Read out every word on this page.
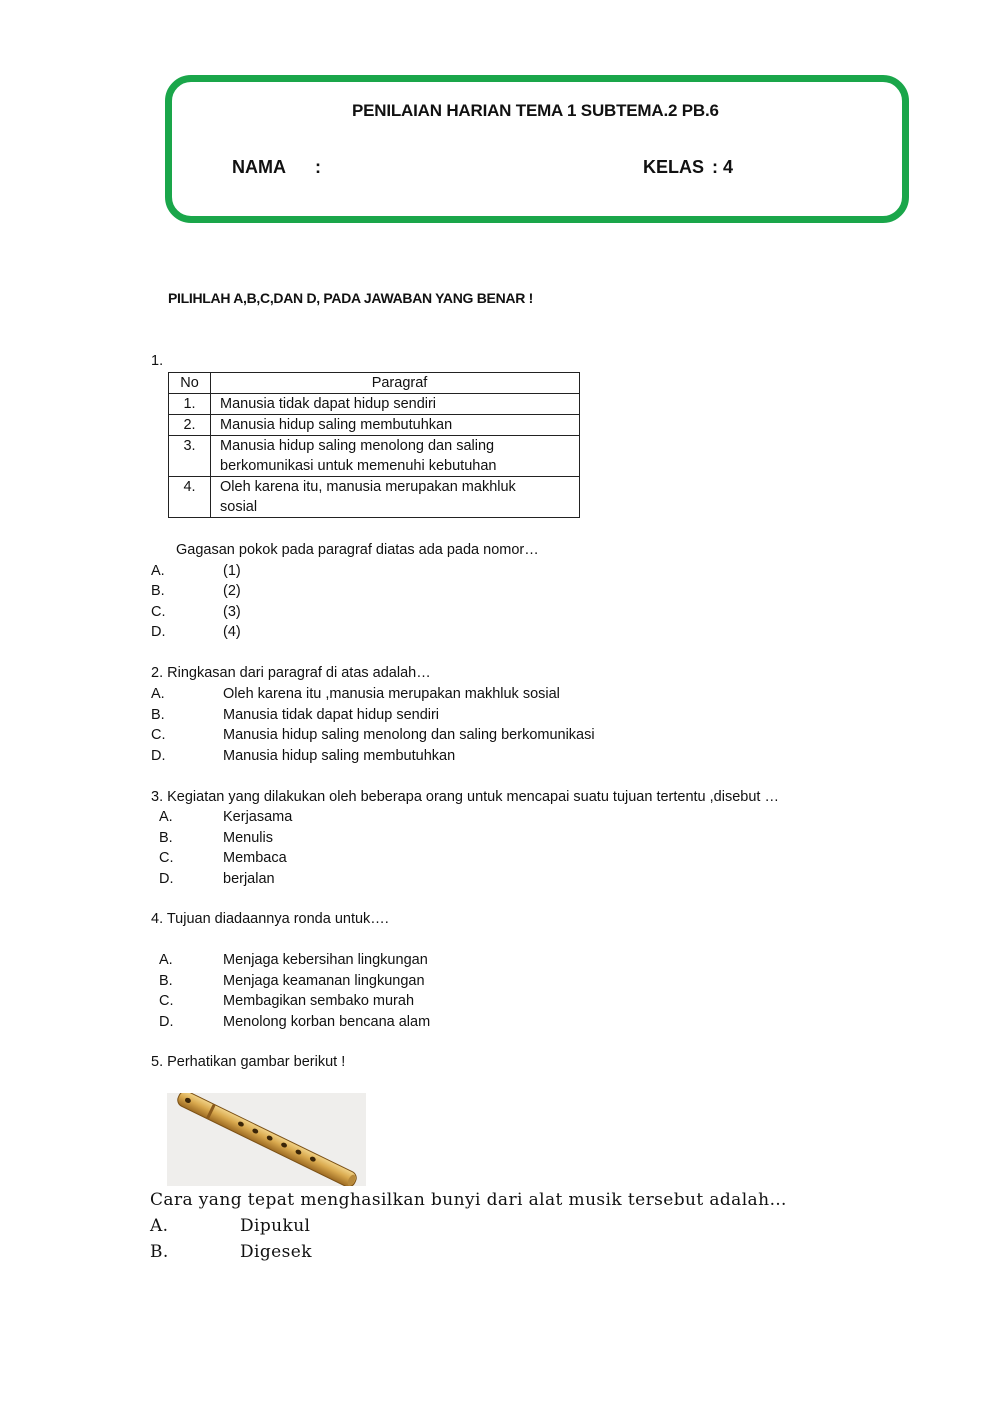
PENILAIAN HARIAN TEMA 1 SUBTEMA.2 PB.6
NAMA :	KELAS : 4
PILIHLAH A,B,C,DAN D, PADA JAWABAN YANG BENAR !
1.
No	Paragraf
1.	Manusia tidak dapat hidup sendiri
2.	Manusia hidup saling membutuhkan
3.	Manusia hidup saling menolong dan saling
berkomunikasi untuk memenuhi kebutuhan
4.	Oleh karena itu, manusia merupakan makhluk
sosial
Gagasan pokok pada paragraf diatas ada pada nomor…
A.	(1)
B.	(2)
C.	(3)
D.	(4)
2. Ringkasan dari paragraf di atas adalah…
A.	Oleh karena itu ,manusia merupakan makhluk sosial
B.	Manusia tidak dapat hidup sendiri
C.	Manusia hidup saling menolong dan saling berkomunikasi
D.	Manusia hidup saling membutuhkan
3. Kegiatan yang dilakukan oleh beberapa orang untuk mencapai suatu tujuan tertentu ,disebut …
A.	Kerjasama
B.	Menulis
C.	Membaca
D.	berjalan
4. Tujuan diadaannya ronda untuk….
A.	Menjaga kebersihan lingkungan
B.	Menjaga keamanan lingkungan
C.	Membagikan sembako murah
D.	Menolong korban bencana alam
5. Perhatikan gambar berikut !
Cara yang tepat menghasilkan bunyi dari alat musik tersebut adalah…
A.	Dipukul
B.	Digesek
